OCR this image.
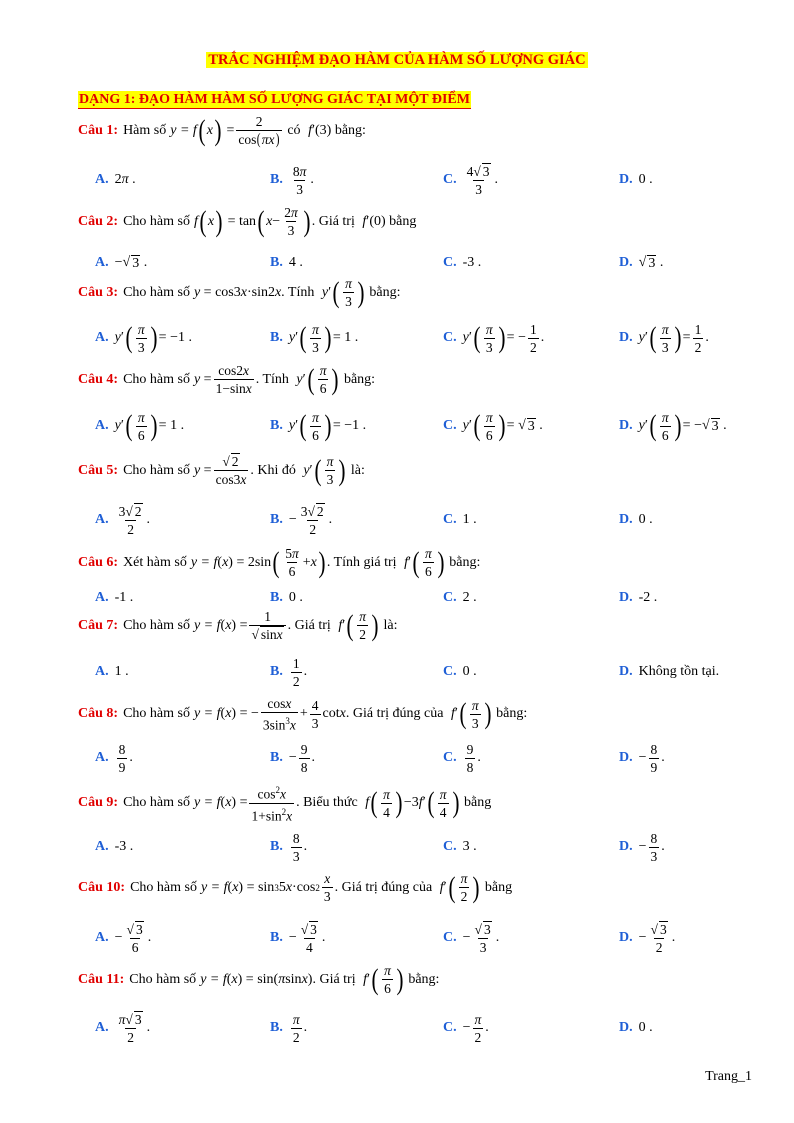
TRẮC NGHIỆM ĐẠO HÀM CỦA HÀM SỐ LƯỢNG GIÁC
DẠNG 1: ĐẠO HÀM HÀM SỐ LƯỢNG GIÁC TẠI MỘT ĐIỂM
Câu 1: Hàm số y = f ( x ) = $\frac{2}{\cos(\pi x)}$
có
f ′(3) bằng:
A. 2 π .	B. $\frac{8\pi}{3}$ .	C. $\frac{4√ 3}{3}$ .	D. 0 .
Câu 2: Cho hàm số f ( x ) = tan ( $x - \frac{2\pi}{3}$ ) . Giá trị
f ′(0) bằng
A. −√ 3 .	B. 4 .	C. -3 .	D. √ 3 .
Câu 3: Cho hàm số y = cos3 x ·sin2 x . Tính
y ′ ( $\frac{\pi}{3}$ )
bằng:
A. y ′ ( $\frac{\pi}{3}$ ) = −1 .	B. y ′ ( $\frac{\pi}{3}$ ) = 1 .	C. y ′ ( $\frac{\pi}{3}$ ) = − $\frac{1}{2}$ .	D. y ′ ( $\frac{\pi}{3}$ ) = $\frac{1}{2}$ .
Câu 4: Cho hàm số $y = \frac{\cos 2x}{1-\sin x}$ . Tính
y ′ ( $\frac{\pi}{6}$ )
bằng:
A. y ′ ( $\frac{\pi}{6}$ ) = 1 .	B. y ′ ( $\frac{\pi}{6}$ ) = −1 .	C. y ′ ( $\frac{\pi}{6}$ ) = √ 3 .	D. y ′ ( $\frac{\pi}{6}$ ) = −√ 3 .
Câu 5: Cho hàm số $y = \frac{√ 2}{\cos 3x}$ . Khi đó
y ′ ( $\frac{\pi}{3}$ )
là:
A. $\frac{3√ 2}{2}$ .	B. − $\frac{3√ 2}{2}$ .	C. 1 .	D. 0 .
Câu 6: Xét hàm số y = f ( x ) = 2sin ( $\frac{5\pi}{6} + x$ ) . Tính giá trị
f ′ ( $\frac{\pi}{6}$ )
bằng:
A. -1 .	B. 0 .	C. 2 .	D. -2 .
Câu 7: Cho hàm số y = f ( x ) = $\frac{1}{√ \sin x}$ . Giá trị
f ′ ( $\frac{\pi}{2}$ )
là:
A. 1 .	B. $\frac{1}{2}$ .	C. 0 .	D. Không tồn tại.
Câu 8: Cho hàm số y = f ( x ) = − $\frac{\cos x}{3\sin^3x} + \frac{4}{3}$ cot x . Giá trị đúng của
f ′ ( $\frac{\pi}{3}$ )
bằng:
A. $\frac{8}{9}$ .	B. − $\frac{9}{8}$ .	C. $\frac{9}{8}$ .	D. − $\frac{8}{9}$ .
Câu 9: Cho hàm số y = f ( x ) = $\frac{\cos^2x}{1+\sin^2x}$ . Biểu thức
f ( $\frac{\pi}{4}$ ) −3 f ′ ( $\frac{\pi}{4}$ )
bằng
A. -3 .	B. $\frac{8}{3}$ .	C. 3 .	D. − $\frac{8}{3}$ .
Câu 10: Cho hàm số y = f ( x ) = sin 3 5 x ·cos $2 \frac{x}{3}$ . Giá trị đúng của
f ′ ( $\frac{\pi}{2}$ )
bằng
A. − $\frac{√ 3}{6}$ .	B. − $\frac{√ 3}{4}$ .	C. − $\frac{√ 3}{3}$ .	D. − $\frac{√ 3}{2}$ .
Câu 11: Cho hàm số y = f ( x ) = sin( π sin x ) . Giá trị
f ′ ( $\frac{\pi}{6}$ )
bằng:
A. $\frac{\pi√ 3}{2}$ .	B. $\frac{\pi}{2}$ .	C. − $\frac{\pi}{2}$ .	D. 0 .
Trang_1
